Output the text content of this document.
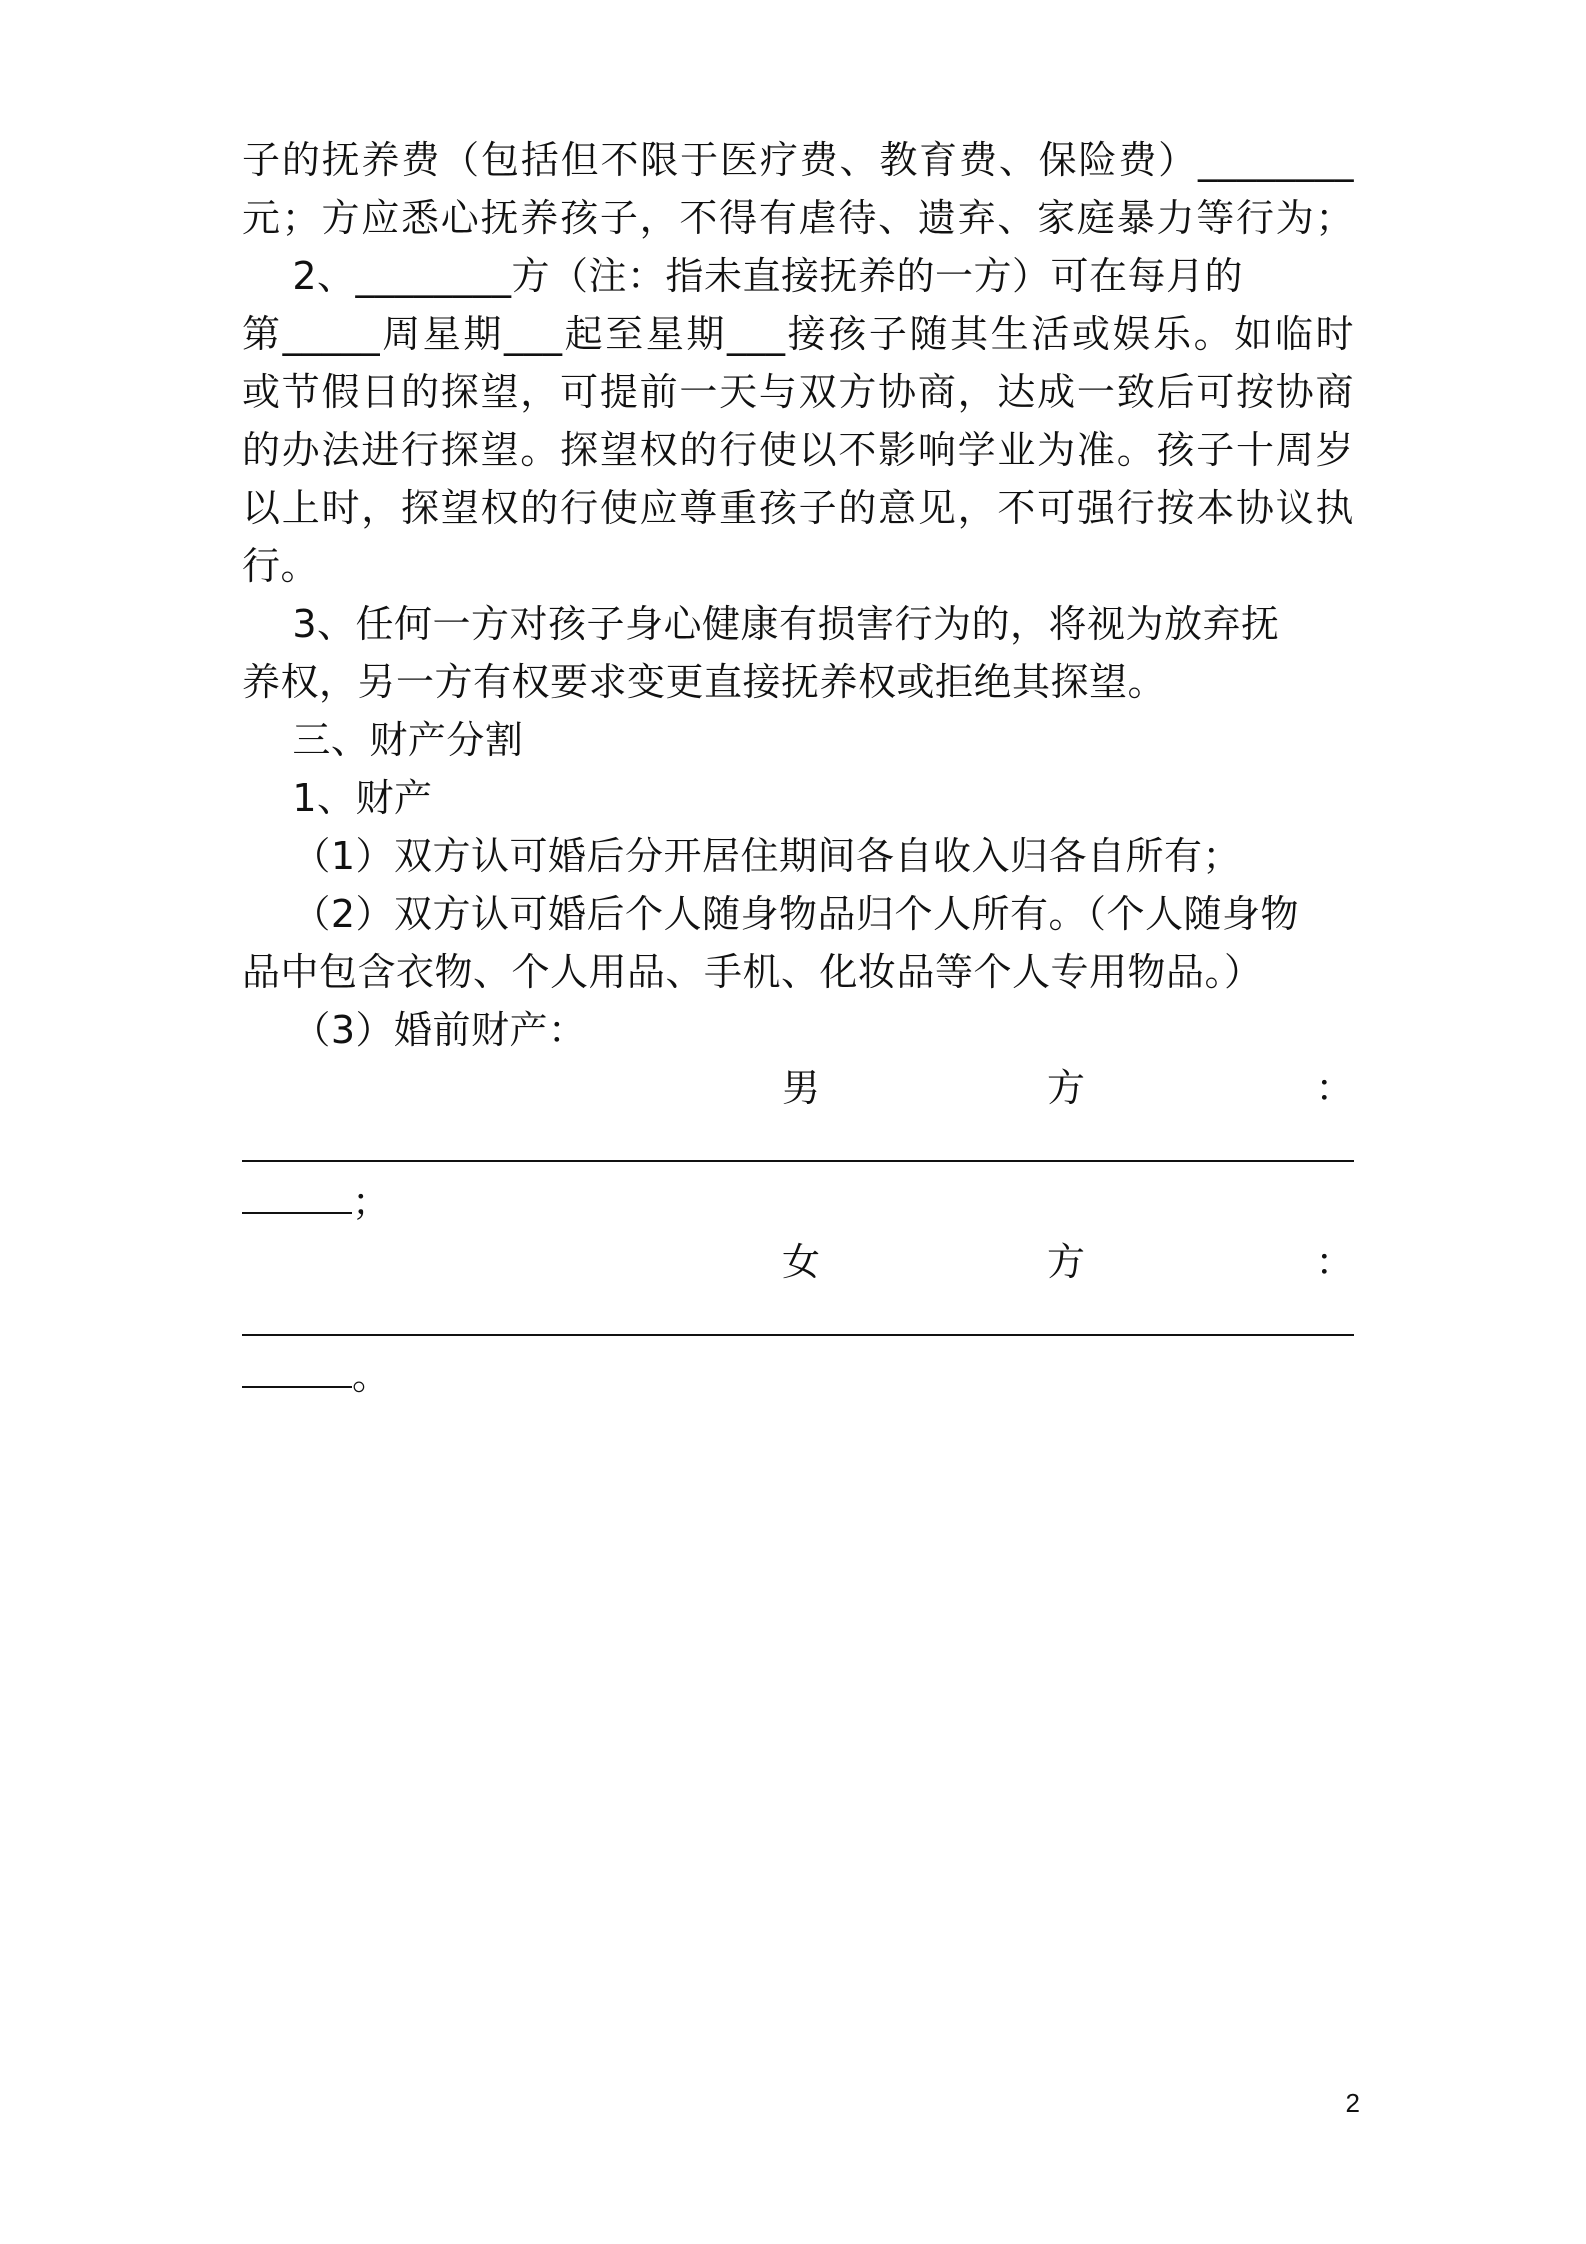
子的抚养费（包括但不限于医疗费、教育费、保险费）________
元；方应悉心抚养孩子，不得有虐待、遗弃、家庭暴力等行为；
2、________方（注：指未直接抚养的一方）可在每月的
第_____周星期___起至星期___接孩子随其生活或娱乐。如临时
或节假日的探望，可提前一天与双方协商，达成一致后可按协商
的办法进行探望。探望权的行使以不影响学业为准。孩子十周岁
以上时，探望权的行使应尊重孩子的意见，不可强行按本协议执
行。
3、任何一方对孩子身心健康有损害行为的，将视为放弃抚
养权，另一方有权要求变更直接抚养权或拒绝其探望。
三、财产分割
1、财产
（1）双方认可婚后分开居住期间各自收入归各自所有；
（2）双方认可婚后个人随身物品归个人所有。（个人随身物
品中包含衣物、个人用品、手机、化妆品等个人专用物品。）
（3）婚前财产：
男	方	：
；
女	方	：
。
2
